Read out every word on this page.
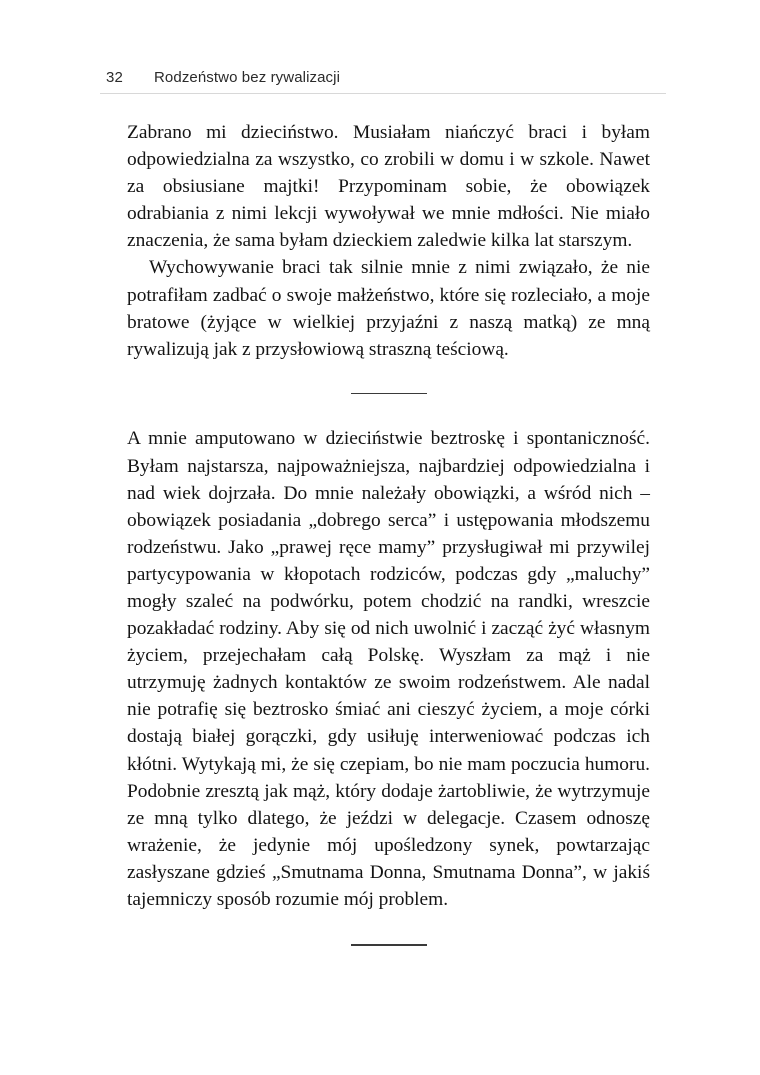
32	Rodzeństwo bez rywalizacji

Zabrano mi dzieciństwo. Musiałam niańczyć braci i byłam odpowiedzialna za wszystko, co zrobili w domu i w szkole. Nawet za obsiusiane majtki! Przypominam sobie, że obowiązek odrabiania z nimi lekcji wywoływał we mnie mdłości. Nie miało znaczenia, że sama byłam dzieckiem zaledwie kilka lat starszym.

Wychowywanie braci tak silnie mnie z nimi związało, że nie potrafiłam zadbać o swoje małżeństwo, które się rozleciało, a moje bratowe (żyjące w wielkiej przyjaźni z naszą matką) ze mną rywalizują jak z przysłowiową straszną teściową.

A mnie amputowano w dzieciństwie beztroskę i spontaniczność. Byłam najstarsza, najpoważniejsza, najbardziej odpowiedzialna i nad wiek dojrzała. Do mnie należały obowiązki, a wśród nich – obowiązek posiadania „dobrego serca” i ustępowania młodszemu rodzeństwu. Jako „prawej ręce mamy” przysługiwał mi przywilej partycypowania w kłopotach rodziców, podczas gdy „maluchy” mogły szaleć na podwórku, potem chodzić na randki, wreszcie pozakładać rodziny. Aby się od nich uwolnić i zacząć żyć własnym życiem, przejechałam całą Polskę. Wyszłam za mąż i nie utrzymuję żadnych kontaktów ze swoim rodzeństwem. Ale nadal nie potrafię się beztrosko śmiać ani cieszyć życiem, a moje córki dostają białej gorączki, gdy usiłuję interweniować podczas ich kłótni. Wytykają mi, że się czepiam, bo nie mam poczucia humoru. Podobnie zresztą jak mąż, który dodaje żartobliwie, że wytrzymuje ze mną tylko dlatego, że jeździ w delegacje. Czasem odnoszę wrażenie, że jedynie mój upośledzony synek, powtarzając zasłyszane gdzieś „Smutnama Donna, Smutnama Donna”, w jakiś tajemniczy sposób rozumie mój problem.
